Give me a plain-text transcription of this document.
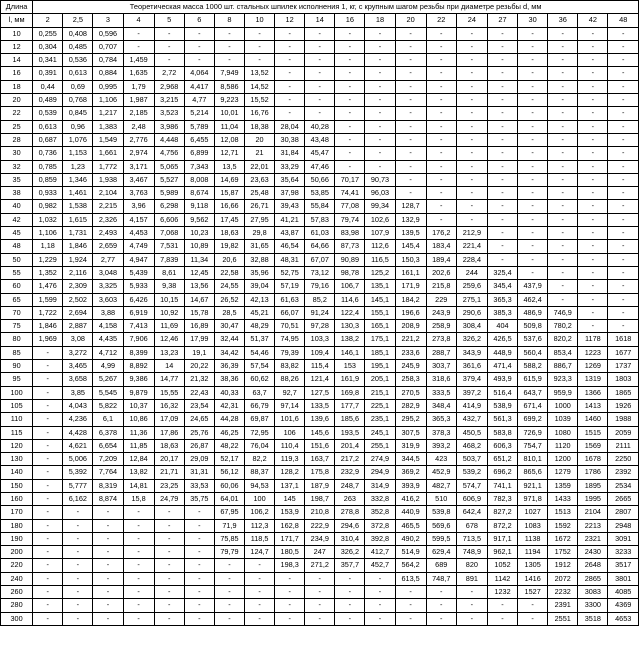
Длина	Теоретическая масса 1000 шт. стальных шпилек исполнения 1, кг, с крупным шагом резьбы при диаметре резьбы d, мм																			
l, мм	2	2,5	3	4	5	6	8	10	12	14	16	18	20	22	24	27	30	36	42	48
10	0,255	0,408	0,596	-	-	-	-	-	-	-	-	-	-	-	-	-	-	-	-	-
12	0,304	0,485	0,707	-	-	-	-	-	-	-	-	-	-	-	-	-	-	-	-	-
14	0,341	0,536	0,784	1,459	-	-	-	-	-	-	-	-	-	-	-	-	-	-	-	-
16	0,391	0,613	0,884	1,635	2,72	4,064	7,949	13,52	-	-	-	-	-	-	-	-	-	-	-	-
18	0,44	0,69	0,995	1,79	2,968	4,417	8,586	14,52	-	-	-	-	-	-	-	-	-	-	-	-
20	0,489	0,768	1,106	1,987	3,215	4,77	9,223	15,52	-	-	-	-	-	-	-	-	-	-	-	-
22	0,539	0,845	1,217	2,185	3,523	5,214	10,01	16,76	-	-	-	-	-	-	-	-	-	-	-	-
25	0,613	0,96	1,383	2,48	3,986	5,789	11,04	18,38	28,04	40,28	-	-	-	-	-	-	-	-	-	-
28	0,687	1,076	1,549	2,776	4,448	6,455	12,08	20	30,38	43,48	-	-	-	-	-	-	-	-	-	-
30	0,736	1,153	1,661	2,974	4,756	6,899	12,71	21	31,84	45,47	-	-	-	-	-	-	-	-	-	-
32	0,785	1,23	1,772	3,171	5,065	7,343	13,5	22,01	33,29	47,46	-	-	-	-	-	-	-	-	-	-
35	0,859	1,346	1,938	3,467	5,527	8,008	14,69	23,63	35,64	50,66	70,17	90,73	-	-	-	-	-	-	-	-
38	0,933	1,461	2,104	3,763	5,989	8,674	15,87	25,48	37,98	53,85	74,41	96,03	-	-	-	-	-	-	-	-
40	0,982	1,538	2,215	3,96	6,298	9,118	16,66	26,71	39,43	55,84	77,08	99,34	128,7	-	-	-	-	-	-	-
42	1,032	1,615	2,326	4,157	6,606	9,562	17,45	27,95	41,21	57,83	79,74	102,6	132,9	-	-	-	-	-	-	-
45	1,106	1,731	2,493	4,453	7,068	10,23	18,63	29,8	43,87	61,03	83,98	107,9	139,5	176,2	212,9	-	-	-	-	-
48	1,18	1,846	2,659	4,749	7,531	10,89	19,82	31,65	46,54	64,66	87,73	112,6	145,4	183,4	221,4	-	-	-	-	-
50	1,229	1,924	2,77	4,947	7,839	11,34	20,6	32,88	48,31	67,07	90,89	116,5	150,3	189,4	228,4	-	-	-	-	-
55	1,352	2,116	3,048	5,439	8,61	12,45	22,58	35,96	52,75	73,12	98,78	125,2	161,1	202,6	244	325,4	-	-	-	-
60	1,476	2,309	3,325	5,933	9,38	13,56	24,55	39,04	57,19	79,16	106,7	135,1	171,9	215,8	259,6	345,4	437,9	-	-	-
65	1,599	2,502	3,603	6,426	10,15	14,67	26,52	42,13	61,63	85,2	114,6	145,1	184,2	229	275,1	365,3	462,4	-	-	-
70	1,722	2,694	3,88	6,919	10,92	15,78	28,5	45,21	66,07	91,24	122,4	155,1	196,6	243,9	290,6	385,3	486,9	746,9	-	-
75	1,846	2,887	4,158	7,413	11,69	16,89	30,47	48,29	70,51	97,28	130,3	165,1	208,9	258,9	308,4	404	509,8	780,2	-	-
80	1,969	3,08	4,435	7,906	12,46	17,99	32,44	51,37	74,95	103,3	138,2	175,1	221,2	273,8	326,2	426,5	537,6	820,2	1178	1618
85	-	3,272	4,712	8,399	13,23	19,1	34,42	54,46	79,39	109,4	146,1	185,1	233,6	288,7	343,9	448,9	560,4	853,4	1223	1677
90	-	3,465	4,99	8,892	14	20,22	36,39	57,54	83,82	115,4	153	195,1	245,9	303,7	361,6	471,4	588,2	886,7	1269	1737
95	-	3,658	5,267	9,386	14,77	21,32	38,36	60,62	88,26	121,4	161,9	205,1	258,3	318,6	379,4	493,9	615,9	923,3	1319	1803
100	-	3,85	5,545	9,879	15,55	22,43	40,33	63,7	92,7	127,5	169,8	215,1	270,5	333,5	397,2	516,4	643,7	959,9	1366	1865
105	-	4,043	5,822	10,37	16,32	23,54	42,31	66,79	97,14	133,5	177,7	225,1	282,9	348,4	414,9	538,9	671,4	1000	1413	1926
110	-	4,236	6,1	10,86	17,09	24,65	44,28	69,87	101,6	139,6	185,6	235,1	295,2	365,3	432,7	561,3	699,2	1039	1460	1988
115	-	4,428	6,378	11,36	17,86	25,76	46,25	72,95	106	145,6	193,5	245,1	307,5	378,3	450,5	583,8	726,9	1080	1515	2059
120	-	4,621	6,654	11,85	18,63	26,87	48,22	76,04	110,4	151,6	201,4	255,1	319,9	393,2	468,2	606,3	754,7	1120	1569	2111
130	-	5,006	7,209	12,84	20,17	29,09	52,17	82,2	119,3	163,7	217,2	274,9	344,5	423	503,7	651,2	810,1	1200	1678	2250
140	-	5,392	7,764	13,82	21,71	31,31	56,12	88,37	128,2	175,8	232,9	294,9	369,2	452,9	539,2	696,2	865,6	1279	1786	2392
150	-	5,777	8,319	14,81	23,25	33,53	60,06	94,53	137,1	187,9	248,7	314,9	393,9	482,7	574,7	741,1	921,1	1359	1895	2534
160	-	6,162	8,874	15,8	24,79	35,75	64,01	100	145	198,7	263	332,8	416,2	510	606,9	782,3	971,8	1433	1995	2665
170	-	-	-	-	-	-	67,95	106,2	153,9	210,8	278,8	352,8	440,9	539,8	642,4	827,2	1027	1513	2104	2807
180	-	-	-	-	-	-	71,9	112,3	162,8	222,9	294,6	372,8	465,5	569,6	678	872,2	1083	1592	2213	2948
190	-	-	-	-	-	-	75,85	118,5	171,7	234,9	310,4	392,8	490,2	599,5	713,5	917,1	1138	1672	2321	3091
200	-	-	-	-	-	-	79,79	124,7	180,5	247	326,2	412,7	514,9	629,4	748,9	962,1	1194	1752	2430	3233
220	-	-	-	-	-	-	-	-	198,3	271,2	357,7	452,7	564,2	689	820	1052	1305	1912	2648	3517
240	-	-	-	-	-	-	-	-	-	-	-	-	613,5	748,7	891	1142	1416	2072	2865	3801
260	-	-	-	-	-	-	-	-	-	-	-	-	-	-	-	1232	1527	2232	3083	4085
280	-	-	-	-	-	-	-	-	-	-	-	-	-	-	-	-	-	2391	3300	4369
300	-	-	-	-	-	-	-	-	-	-	-	-	-	-	-	-	-	2551	3518	4653
